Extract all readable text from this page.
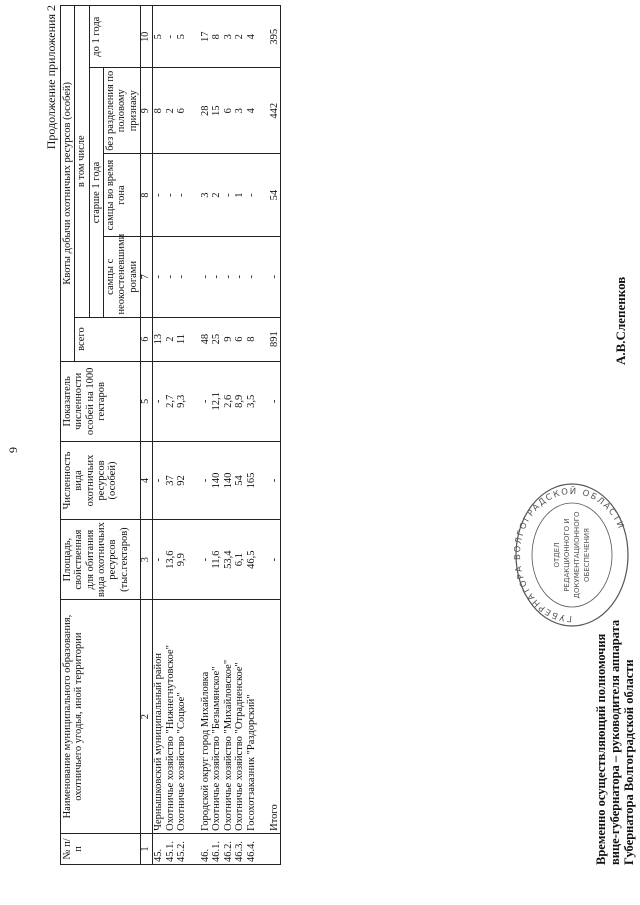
9
Продолжение приложения 2
№ п/п	Наименование муниципального образования, охотничьего угодья, иной территории	Площадь, свойственная для обитания вида охотничьих ресурсов (тыс.гектаров)	Численность вида охотничьих ресурсов (особей)	Показатель численности особей на 1000 гектаров	Квоты добычи охотничьих ресурсов (особей)				
					всего	в том числе			
						старше 1 года			до 1 года
						самцы с неокостеневшими рогами	самцы во время гона	без разделения по половому признаку	
1	2	3	4	5	6	7	8	9	10
45.	Чернышковский муниципальный район	-	-	-	13	-	-	8	5
45.1.	Охотничье хозяйство "Нижнегнутовское"	13,6	37	2,7	2	-	-	2	-
45.2.	Охотничье хозяйство "Соцкое"	9,9	92	9,3	11	-	-	6	5

46.	Городской округ город Михайловка	-	-	-	48	-	3	28	17
46.1.	Охотничье хозяйство "Безымянское"	11,6	140	12,1	25	-	2	15	8
46.2.	Охотничье хозяйство "Михайловское"	53,4	140	2,6	9	-	-	6	3
46.3.	Охотничье хозяйство "Отрадненское"	6,1	54	8,9	6	-	1	3	2
46.4.	Госохотзаказник "Раздорский"	46,5	165	3,5	8	-	-	4	4

	Итого	-	-	-	891	-	54	442	395
Временно осуществляющий полномочия вице-губернатора – руководителя аппарата Губернатора Волгоградской области
ГУБЕРНАТОРА ВОЛГОГРАДСКОЙ ОБЛАСТИ
ОТДЕЛ РЕДАКЦИОННОГО И ДОКУМЕНТАЦИОННОГО ОБЕСПЕЧЕНИЯ
А.В.Слепенков
